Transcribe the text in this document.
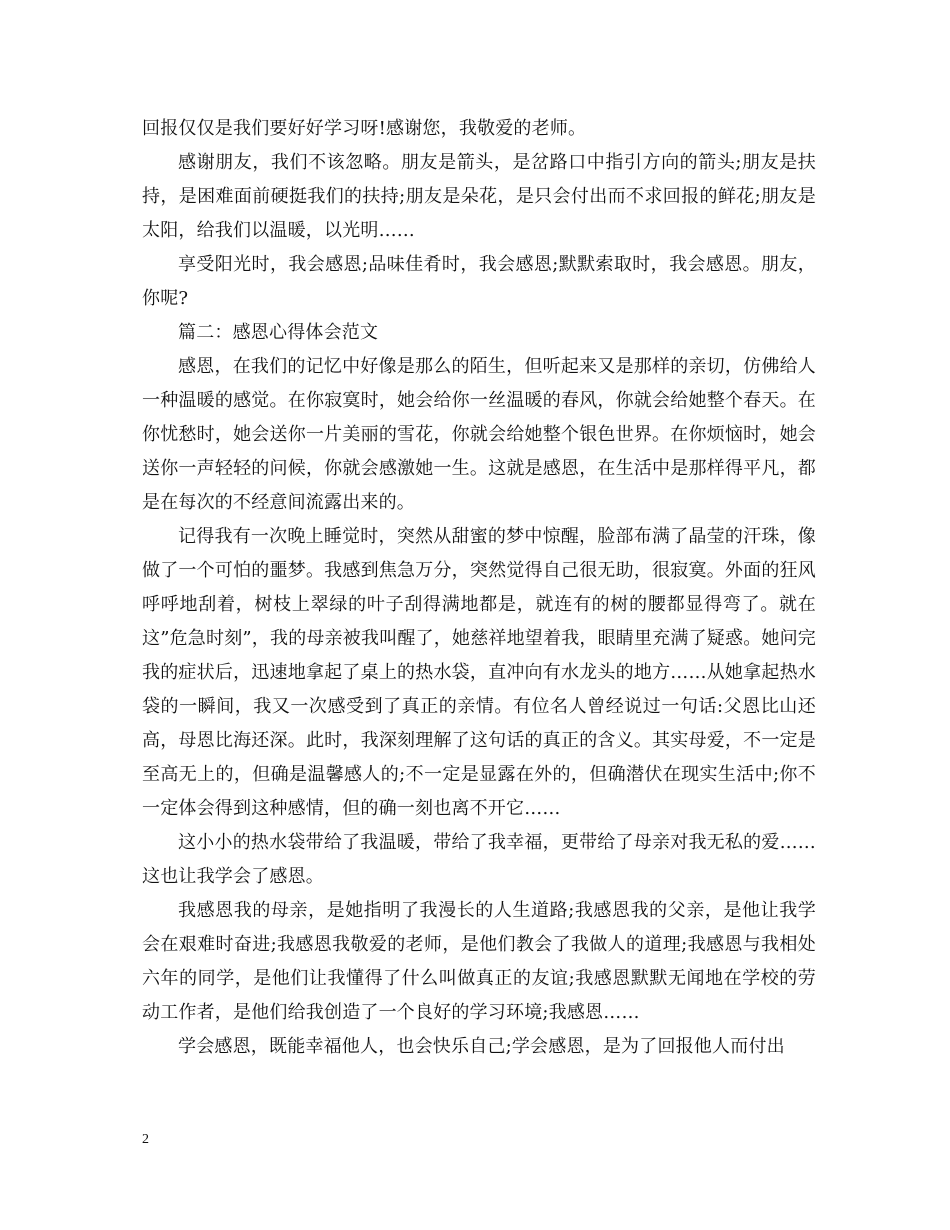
回报仅仅是我们要好好学习呀!感谢您，我敬爱的老师。

感谢朋友，我们不该忽略。朋友是箭头，是岔路口中指引方向的箭头;朋友是扶持，是困难面前硬挺我们的扶持;朋友是朵花，是只会付出而不求回报的鲜花;朋友是太阳，给我们以温暖，以光明……

享受阳光时，我会感恩;品味佳肴时，我会感恩;默默索取时，我会感恩。朋友，你呢?

篇二：感恩心得体会范文

感恩，在我们的记忆中好像是那么的陌生，但听起来又是那样的亲切，仿佛给人一种温暖的感觉。在你寂寞时，她会给你一丝温暖的春风，你就会给她整个春天。在你忧愁时，她会送你一片美丽的雪花，你就会给她整个银色世界。在你烦恼时，她会送你一声轻轻的问候，你就会感激她一生。这就是感恩，在生活中是那样得平凡，都是在每次的不经意间流露出来的。

记得我有一次晚上睡觉时，突然从甜蜜的梦中惊醒，脸部布满了晶莹的汗珠，像做了一个可怕的噩梦。我感到焦急万分，突然觉得自己很无助，很寂寞。外面的狂风呼呼地刮着，树枝上翠绿的叶子刮得满地都是，就连有的树的腰都显得弯了。就在这”危急时刻”，我的母亲被我叫醒了，她慈祥地望着我，眼睛里充满了疑惑。她问完我的症状后，迅速地拿起了桌上的热水袋，直冲向有水龙头的地方……从她拿起热水袋的一瞬间，我又一次感受到了真正的亲情。有位名人曾经说过一句话:父恩比山还高，母恩比海还深。此时，我深刻理解了这句话的真正的含义。其实母爱，不一定是至高无上的，但确是温馨感人的;不一定是显露在外的，但确潜伏在现实生活中;你不一定体会得到这种感情，但的确一刻也离不开它……

这小小的热水袋带给了我温暖，带给了我幸福，更带给了母亲对我无私的爱……这也让我学会了感恩。

我感恩我的母亲，是她指明了我漫长的人生道路;我感恩我的父亲，是他让我学会在艰难时奋进;我感恩我敬爱的老师，是他们教会了我做人的道理;我感恩与我相处六年的同学，是他们让我懂得了什么叫做真正的友谊;我感恩默默无闻地在学校的劳动工作者，是他们给我创造了一个良好的学习环境;我感恩……

学会感恩，既能幸福他人，也会快乐自己;学会感恩，是为了回报他人而付出

2
